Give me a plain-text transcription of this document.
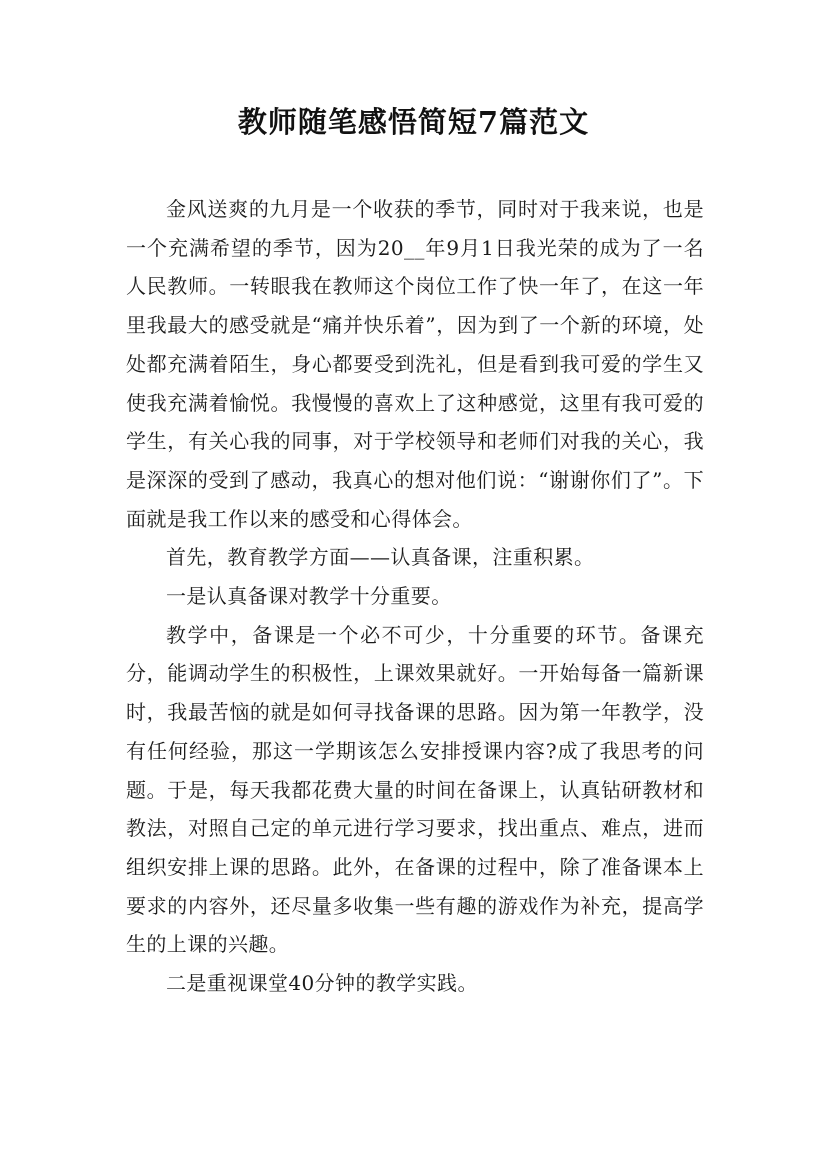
教师随笔感悟简短7篇范文

金风送爽的九月是一个收获的季节，同时对于我来说，也是一个充满希望的季节，因为20__年9月1日我光荣的成为了一名人民教师。一转眼我在教师这个岗位工作了快一年了，在这一年里我最大的感受就是“痛并快乐着”，因为到了一个新的环境，处处都充满着陌生，身心都要受到洗礼，但是看到我可爱的学生又使我充满着愉悦。我慢慢的喜欢上了这种感觉，这里有我可爱的学生，有关心我的同事，对于学校领导和老师们对我的关心，我是深深的受到了感动，我真心的想对他们说：“谢谢你们了”。下面就是我工作以来的感受和心得体会。

首先，教育教学方面——认真备课，注重积累。

一是认真备课对教学十分重要。

教学中，备课是一个必不可少，十分重要的环节。备课充分，能调动学生的积极性，上课效果就好。一开始每备一篇新课时，我最苦恼的就是如何寻找备课的思路。因为第一年教学，没有任何经验，那这一学期该怎么安排授课内容?成了我思考的问题。于是，每天我都花费大量的时间在备课上，认真钻研教材和教法，对照自己定的单元进行学习要求，找出重点、难点，进而组织安排上课的思路。此外，在备课的过程中，除了准备课本上要求的内容外，还尽量多收集一些有趣的游戏作为补充，提高学生的上课的兴趣。

二是重视课堂40分钟的教学实践。
